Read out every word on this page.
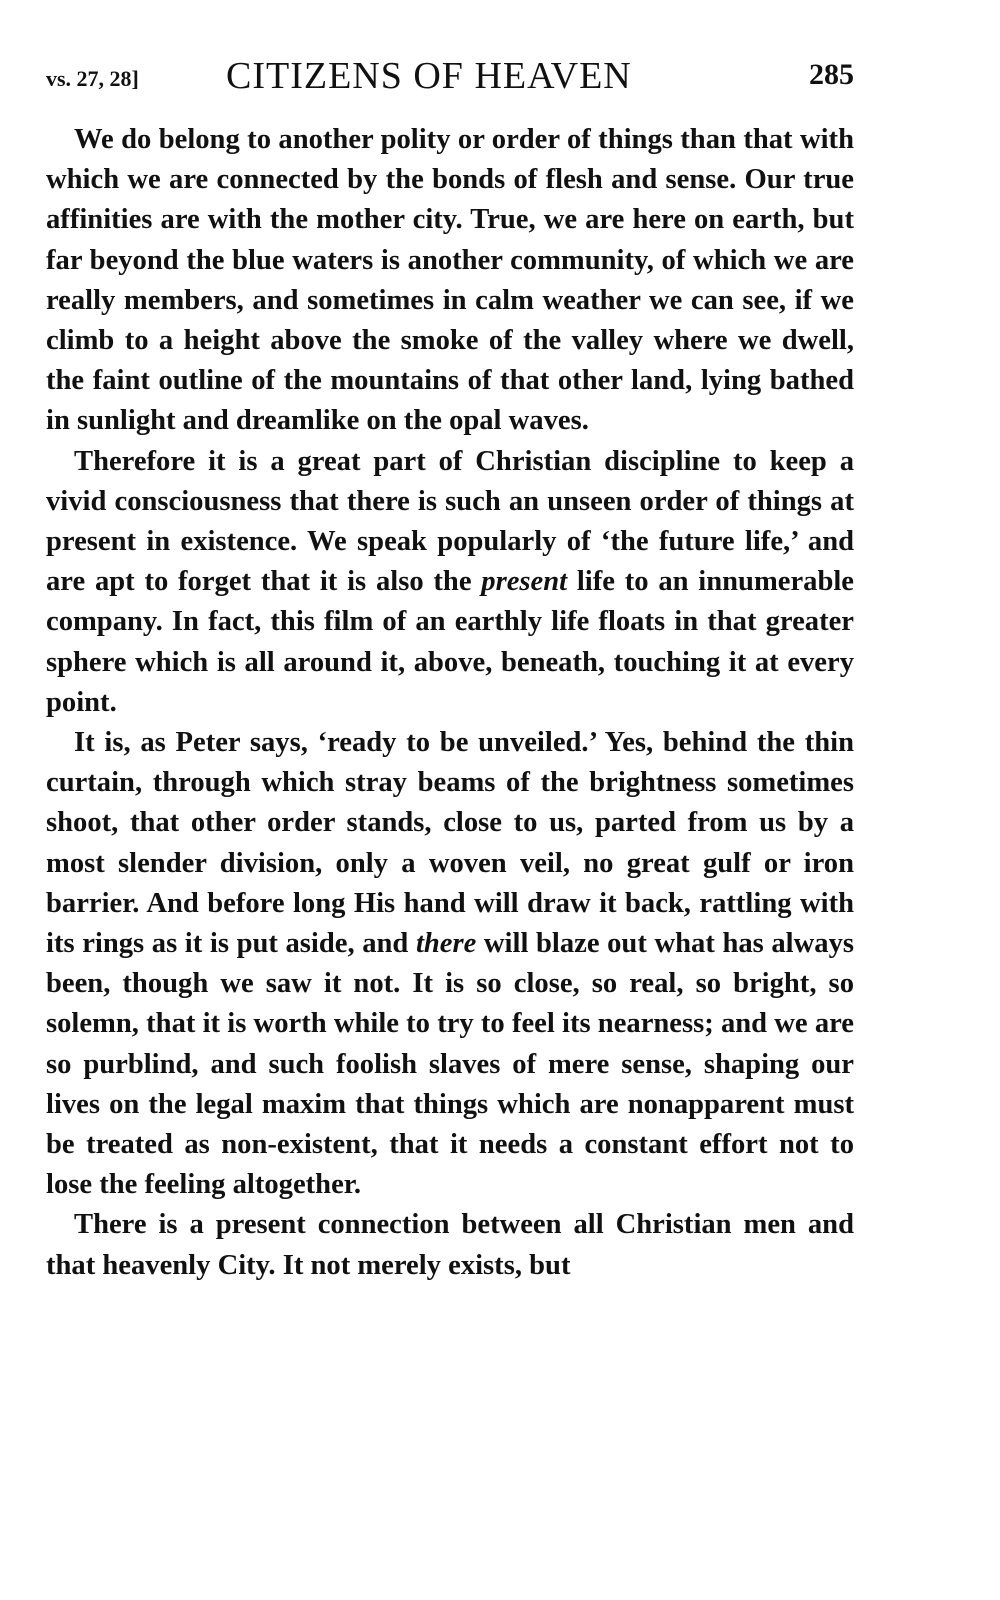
vs. 27, 28] CITIZENS OF HEAVEN	285

We do belong to another polity or order of things than that with which we are connected by the bonds of flesh and sense. Our true affinities are with the mother city. True, we are here on earth, but far beyond the blue waters is another community, of which we are really members, and sometimes in calm weather we can see, if we climb to a height above the smoke of the valley where we dwell, the faint outline of the mountains of that other land, lying bathed in sunlight and dreamlike on the opal waves.

Therefore it is a great part of Christian discipline to keep a vivid consciousness that there is such an unseen order of things at present in existence. We speak popularly of ‘the future life,’ and are apt to forget that it is also the present life to an innumerable company. In fact, this film of an earthly life floats in that greater sphere which is all around it, above, beneath, touching it at every point.

It is, as Peter says, ‘ready to be unveiled.’ Yes, behind the thin curtain, through which stray beams of the brightness sometimes shoot, that other order stands, close to us, parted from us by a most slender division, only a woven veil, no great gulf or iron barrier. And before long His hand will draw it back, rattling with its rings as it is put aside, and there will blaze out what has always been, though we saw it not. It is so close, so real, so bright, so solemn, that it is worth while to try to feel its nearness; and we are so purblind, and such foolish slaves of mere sense, shaping our lives on the legal maxim that things which are nonapparent must be treated as non-existent, that it needs a constant effort not to lose the feeling altogether.

There is a present connection between all Christian men and that heavenly City. It not merely exists, but
